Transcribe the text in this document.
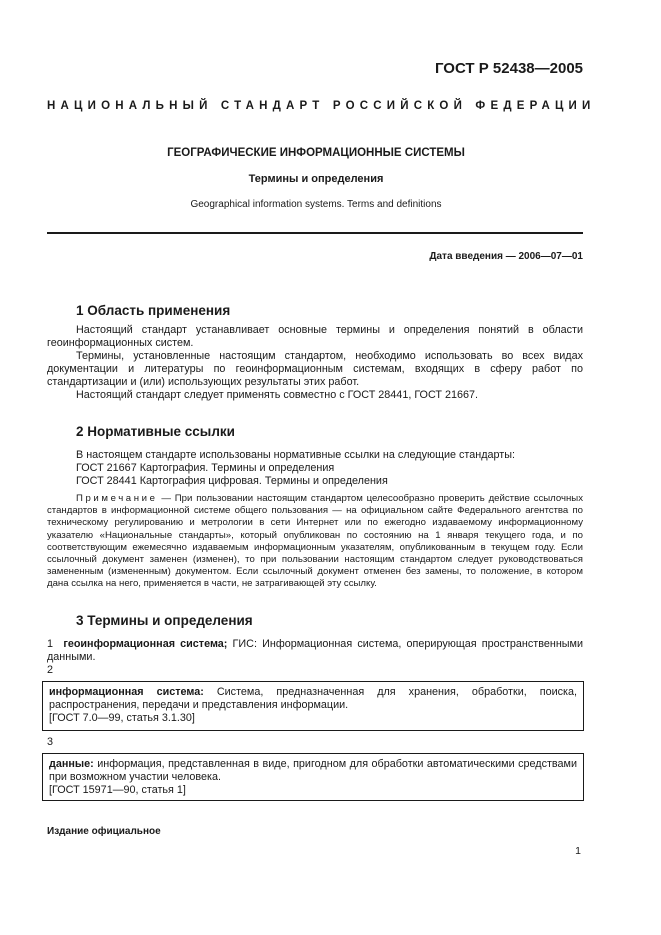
ГОСТ Р 52438—2005
НАЦИОНАЛЬНЫЙ СТАНДАРТ РОССИЙСКОЙ ФЕДЕРАЦИИ
ГЕОГРАФИЧЕСКИЕ ИНФОРМАЦИОННЫЕ СИСТЕМЫ
Термины и определения
Geographical information systems. Terms and definitions
Дата введения — 2006—07—01
1 Область применения

Настоящий стандарт устанавливает основные термины и определения понятий в области геоинформационных систем.

Термины, установленные настоящим стандартом, необходимо использовать во всех видах документации и литературы по геоинформационным системам, входящих в сферу работ по стандартизации и (или) использующих результаты этих работ.

Настоящий стандарт следует применять совместно с ГОСТ 28441, ГОСТ 21667.

2 Нормативные ссылки

В настоящем стандарте использованы нормативные ссылки на следующие стандарты:

ГОСТ 21667 Картография. Термины и определения
ГОСТ 28441 Картография цифровая. Термины и определения

Примечание — При пользовании настоящим стандартом целесообразно проверить действие ссылочных стандартов в информационной системе общего пользования — на официальном сайте Федерального агентства по техническому регулированию и метрологии в сети Интернет или по ежегодно издаваемому информационному указателю «Национальные стандарты», который опубликован по состоянию на 1 января текущего года, и по соответствующим ежемесячно издаваемым информационным указателям, опубликованным в текущем году. Если ссылочный документ заменен (изменен), то при пользовании настоящим стандартом следует руководствоваться замененным (измененным) документом. Если ссылочный документ отменен без замены, то положение, в котором дана ссылка на него, применяется в части, не затрагивающей эту ссылку.

3 Термины и определения
1 геоинформационная система; ГИС: Информационная система, оперирующая пространственными данными.
2
информационная система: Система, предназначенная для хранения, обработки, поиска, распространения, передачи и представления информации.
[ГОСТ 7.0—99, статья 3.1.30]
3
данные: информация, представленная в виде, пригодном для обработки автоматическими средствами при возможном участии человека.
[ГОСТ 15971—90, статья 1]
Издание официальное
1
